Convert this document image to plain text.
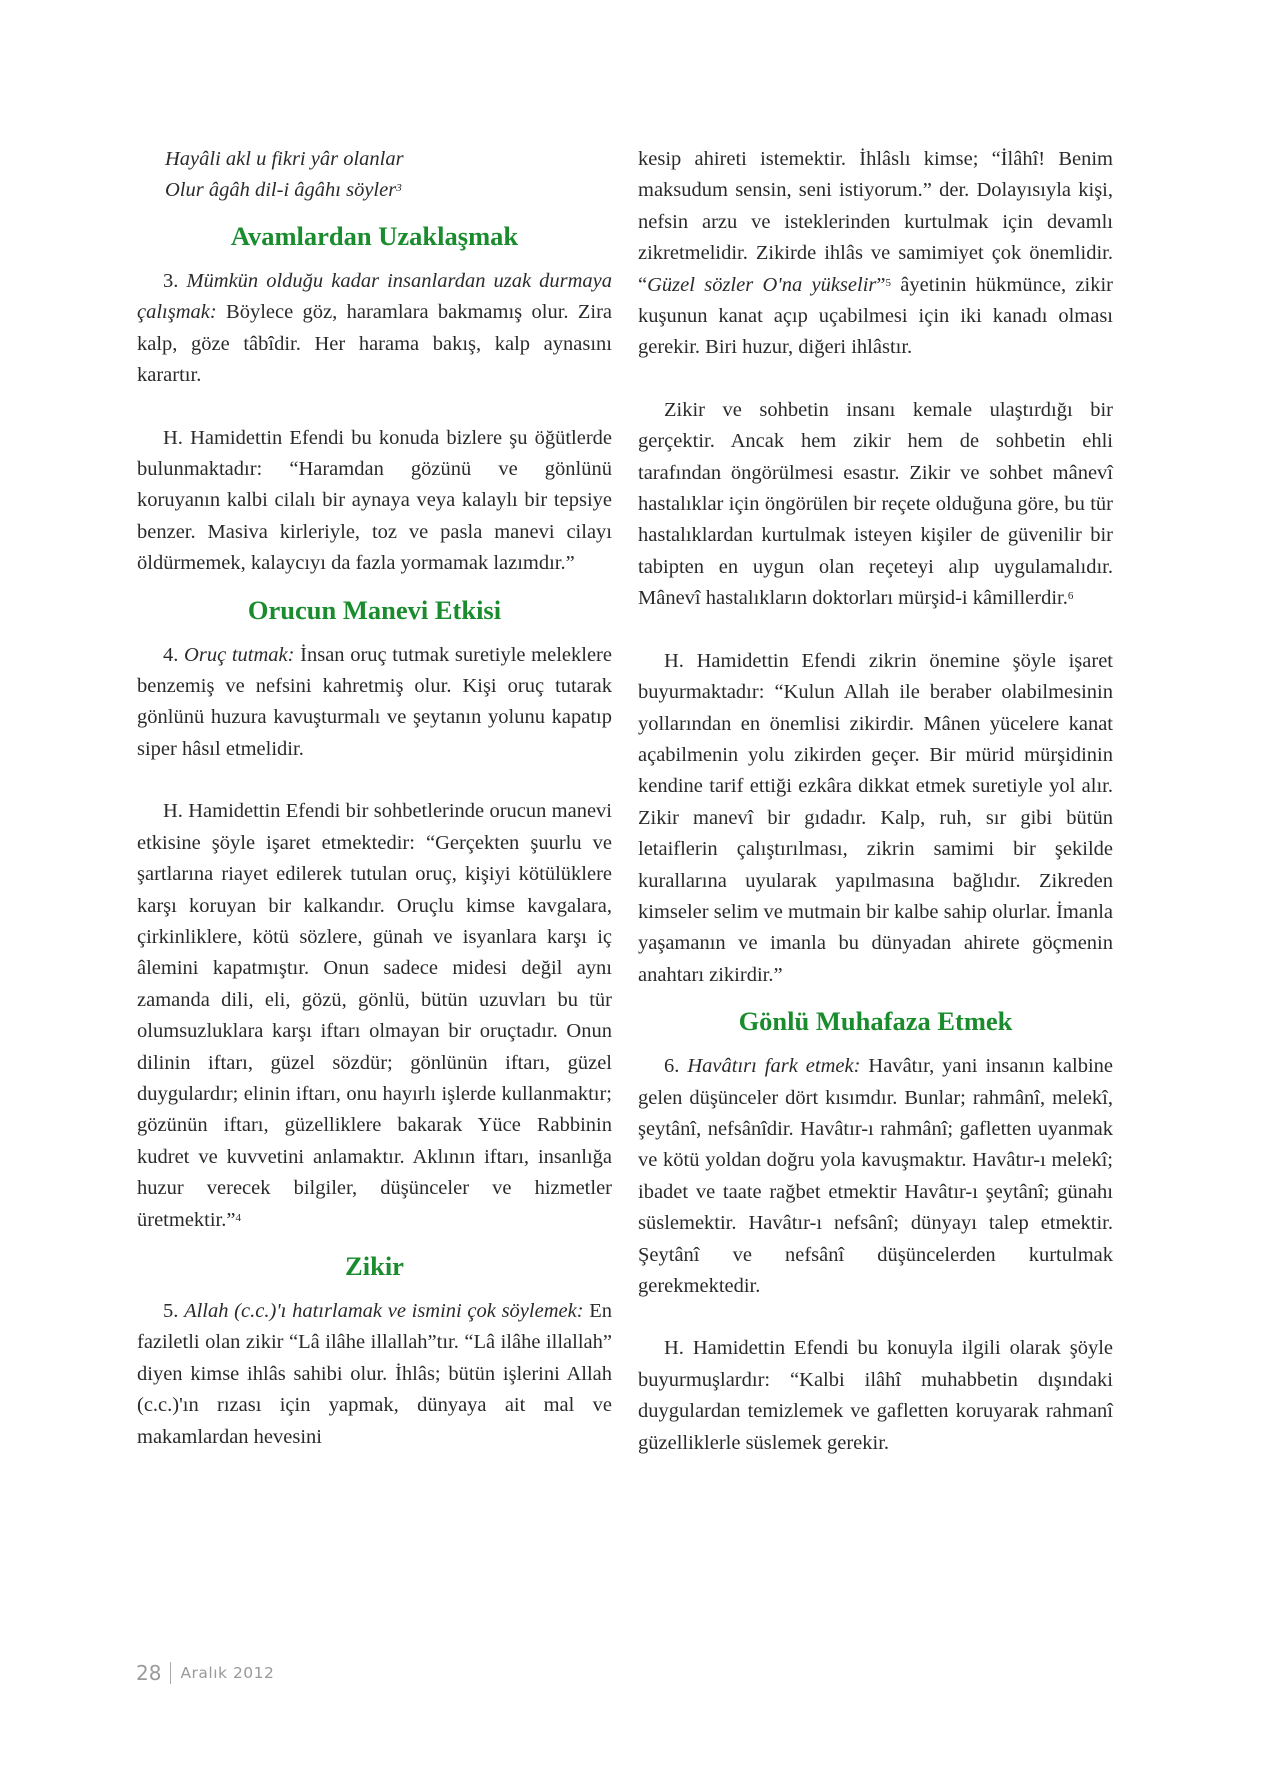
Hayâli akl u fikri yâr olanlar
Olur âgâh dil-i âgâhı söyler$^3$
Avamlardan Uzaklaşmak

3. Mümkün olduğu kadar insanlardan uzak durmaya çalışmak: Böylece göz, haramlara bakmamış olur. Zira kalp, göze tâbîdir. Her harama bakış, kalp aynasını karartır.

H. Hamidettin Efendi bu konuda bizlere şu öğütlerde bulunmaktadır: “Haramdan gözünü ve gönlünü koruyanın kalbi cilalı bir aynaya veya kalaylı bir tepsiye benzer. Masiva kirleriyle, toz ve pasla manevi cilayı öldürmemek, kalaycıyı da fazla yormamak lazımdır.”

Orucun Manevi Etkisi

4. Oruç tutmak: İnsan oruç tutmak suretiyle meleklere benzemiş ve nefsini kahretmiş olur. Kişi oruç tutarak gönlünü huzura kavuşturmalı ve şeytanın yolunu kapatıp siper hâsıl etmelidir.

H. Hamidettin Efendi bir sohbetlerinde orucun manevi etkisine şöyle işaret etmektedir: “Gerçekten şuurlu ve şartlarına riayet edilerek tutulan oruç, kişiyi kötülüklere karşı koruyan bir kalkandır. Oruçlu kimse kavgalara, çirkinliklere, kötü sözlere, günah ve isyanlara karşı iç âlemini kapatmıştır. Onun sadece midesi değil aynı zamanda dili, eli, gözü, gönlü, bütün uzuvları bu tür olumsuzluklara karşı iftarı olmayan bir oruçtadır. Onun dilinin iftarı, güzel sözdür; gönlünün iftarı, güzel duygulardır; elinin iftarı, onu hayırlı işlerde kullanmaktır; gözünün iftarı, güzelliklere bakarak Yüce Rabbinin kudret ve kuvvetini anlamaktır. Aklının iftarı, insanlığa huzur verecek bilgiler, düşünceler ve hizmetler üretmektir.”$^4$

Zikir

5. Allah (c.c.)'ı hatırlamak ve ismini çok söylemek: En faziletli olan zikir “Lâ ilâhe illallah”tır. “Lâ ilâhe illallah” diyen kimse ihlâs sahibi olur. İhlâs; bütün işlerini Allah (c.c.)'ın rızası için yapmak, dünyaya ait mal ve makamlardan hevesini

kesip ahireti istemektir. İhlâslı kimse; “İlâhî! Benim maksudum sensin, seni istiyorum.” der. Dolayısıyla kişi, nefsin arzu ve isteklerinden kurtulmak için devamlı zikretmelidir. Zikirde ihlâs ve samimiyet çok önemlidir. “Güzel sözler O'na yükselir”$^5$ âyetinin hükmünce, zikir kuşunun kanat açıp uçabilmesi için iki kanadı olması gerekir. Biri huzur, diğeri ihlâstır.

Zikir ve sohbetin insanı kemale ulaştırdığı bir gerçektir. Ancak hem zikir hem de sohbetin ehli tarafından öngörülmesi esastır. Zikir ve sohbet mânevî hastalıklar için öngörülen bir reçete olduğuna göre, bu tür hastalıklardan kurtulmak isteyen kişiler de güvenilir bir tabipten en uygun olan reçeteyi alıp uygulamalıdır. Mânevî hastalıkların doktorları mürşid-i kâmillerdir.$^6$

H. Hamidettin Efendi zikrin önemine şöyle işaret buyurmaktadır: “Kulun Allah ile beraber olabilmesinin yollarından en önemlisi zikirdir. Mânen yücelere kanat açabilmenin yolu zikirden geçer. Bir mürid mürşidinin kendine tarif ettiği ezkâra dikkat etmek suretiyle yol alır. Zikir manevî bir gıdadır. Kalp, ruh, sır gibi bütün letaiflerin çalıştırılması, zikrin samimi bir şekilde kurallarına uyularak yapılmasına bağlıdır. Zikreden kimseler selim ve mutmain bir kalbe sahip olurlar. İmanla yaşamanın ve imanla bu dünyadan ahirete göçmenin anahtarı zikirdir.”

Gönlü Muhafaza Etmek

6. Havâtırı fark etmek: Havâtır, yani insanın kalbine gelen düşünceler dört kısımdır. Bunlar; rahmânî, melekî, şeytânî, nefsânîdir. Havâtır-ı rahmânî; gafletten uyanmak ve kötü yoldan doğru yola kavuşmaktır. Havâtır-ı melekî; ibadet ve taate rağbet etmektir Havâtır-ı şeytânî; günahı süslemektir. Havâtır-ı nefsânî; dünyayı talep etmektir. Şeytânî ve nefsânî düşüncelerden kurtulmak gerekmektedir.

H. Hamidettin Efendi bu konuyla ilgili olarak şöyle buyurmuşlardır: “Kalbi ilâhî muhabbetin dışındaki duygulardan temizlemek ve gafletten koruyarak rahmanî güzelliklerle süslemek gerekir.

28 Aralık 2012
